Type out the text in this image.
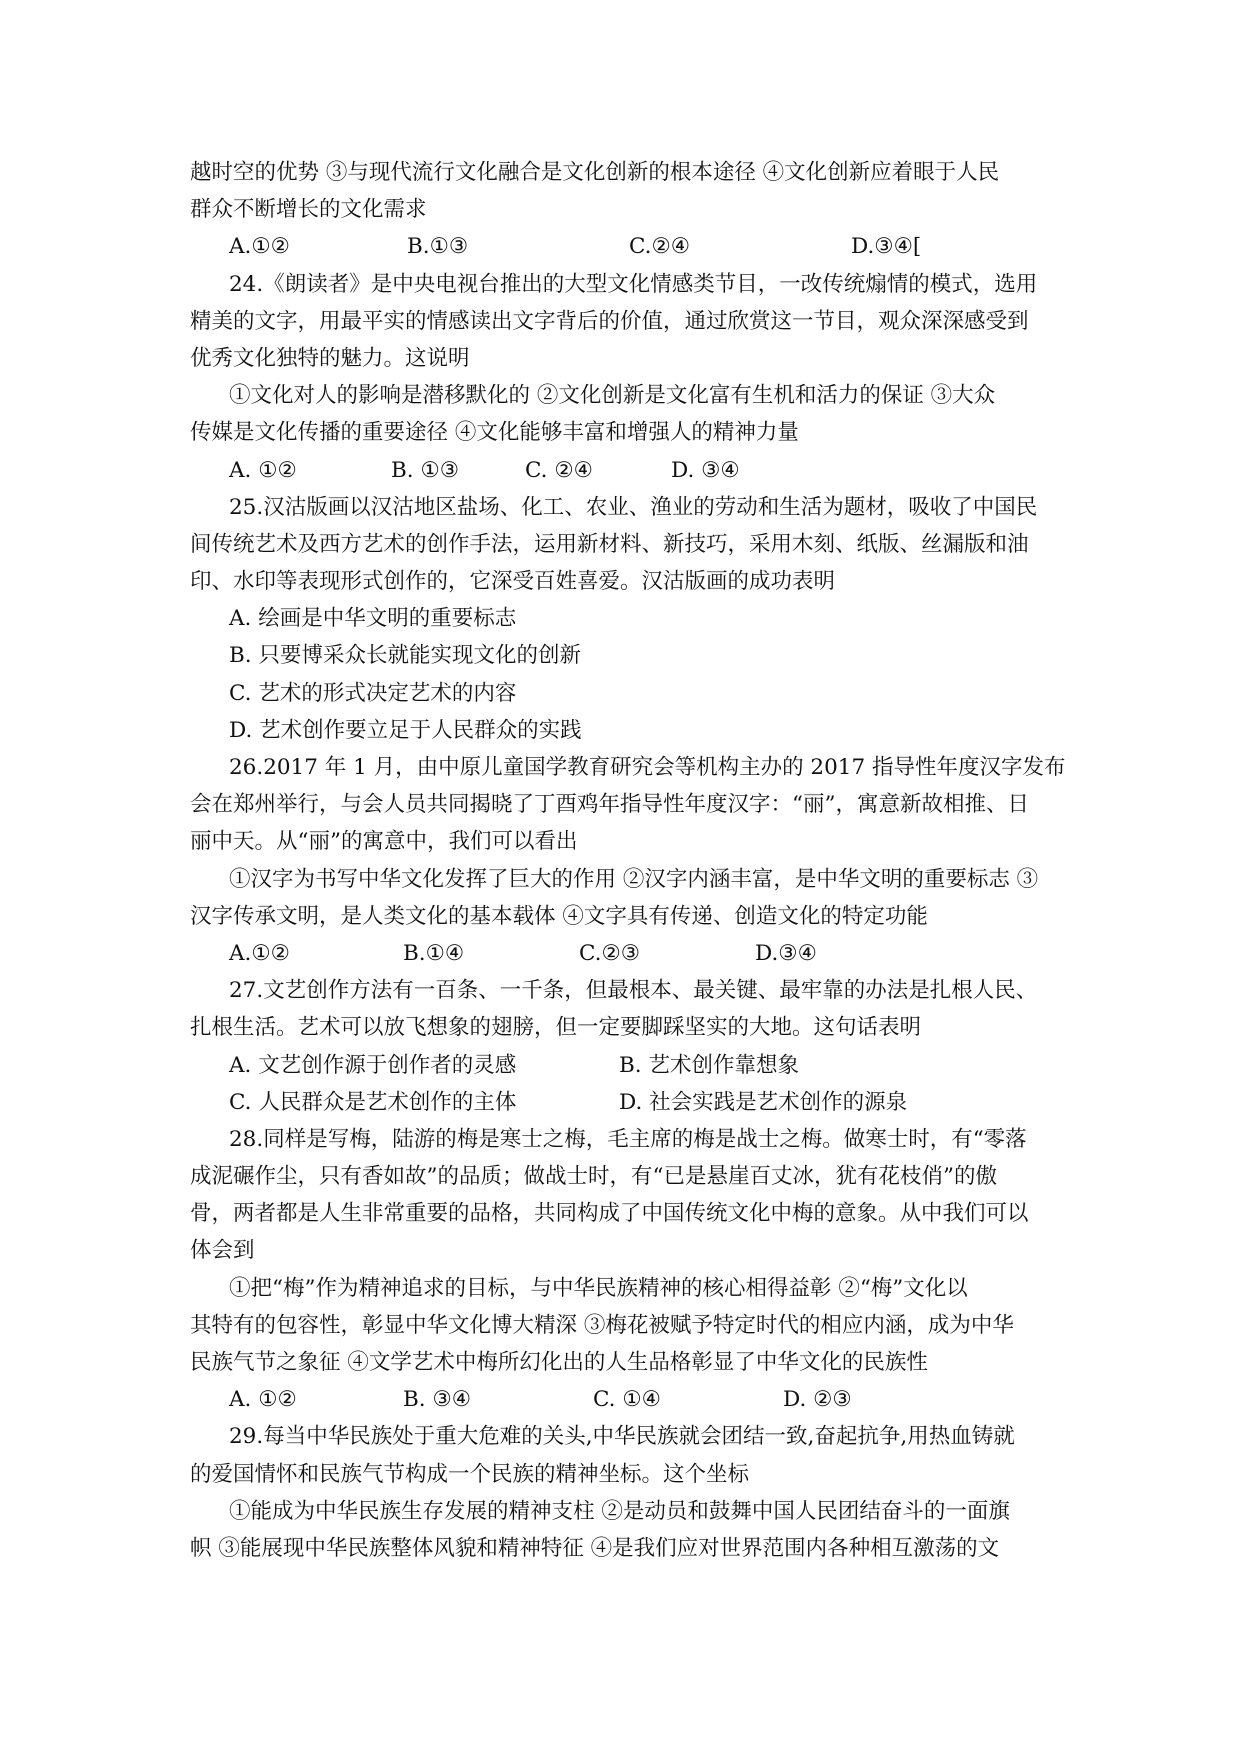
越时空的优势 ③与现代流行文化融合是文化创新的根本途径 ④文化创新应着眼于人民
群众不断增长的文化需求
A.①②	B.①③	C.②④	D.③④[
24.《朗读者》是中央电视台推出的大型文化情感类节目，一改传统煽情的模式，选用
精美的文字，用最平实的情感读出文字背后的价值，通过欣赏这一节目，观众深深感受到
优秀文化独特的魅力。这说明
①文化对人的影响是潜移默化的 ②文化创新是文化富有生机和活力的保证 ③大众
传媒是文化传播的重要途径 ④文化能够丰富和增强人的精神力量
A. ①②	B. ①③	C. ②④	D. ③④
25.汉沽版画以汉沽地区盐场、化工、农业、渔业的劳动和生活为题材，吸收了中国民
间传统艺术及西方艺术的创作手法，运用新材料、新技巧，采用木刻、纸版、丝漏版和油
印、水印等表现形式创作的，它深受百姓喜爱。汉沽版画的成功表明
A. 绘画是中华文明的重要标志
B. 只要博采众长就能实现文化的创新
C. 艺术的形式决定艺术的内容
D. 艺术创作要立足于人民群众的实践
26.2017 年 1 月，由中原儿童国学教育研究会等机构主办的 2017 指导性年度汉字发布
会在郑州举行，与会人员共同揭晓了丁酉鸡年指导性年度汉字：“丽”，寓意新故相推、日
丽中天。从“丽”的寓意中，我们可以看出
①汉字为书写中华文化发挥了巨大的作用 ②汉字内涵丰富，是中华文明的重要标志 ③
汉字传承文明，是人类文化的基本载体 ④文字具有传递、创造文化的特定功能
A.①②	B.①④	C.②③	D.③④
27.文艺创作方法有一百条、一千条，但最根本、最关键、最牢靠的办法是扎根人民、
扎根生活。艺术可以放飞想象的翅膀，但一定要脚踩坚实的大地。这句话表明
A. 文艺创作源于创作者的灵感	B. 艺术创作靠想象
C. 人民群众是艺术创作的主体	D. 社会实践是艺术创作的源泉
28.同样是写梅，陆游的梅是寒士之梅，毛主席的梅是战士之梅。做寒士时，有“零落
成泥碾作尘，只有香如故”的品质；做战士时，有“已是悬崖百丈冰，犹有花枝俏”的傲
骨，两者都是人生非常重要的品格，共同构成了中国传统文化中梅的意象。从中我们可以
体会到
①把“梅”作为精神追求的目标，与中华民族精神的核心相得益彰 ②“梅”文化以
其特有的包容性，彰显中华文化博大精深 ③梅花被赋予特定时代的相应内涵，成为中华
民族气节之象征 ④文学艺术中梅所幻化出的人生品格彰显了中华文化的民族性
A. ①②	B. ③④	C. ①④	D. ②③
29.每当中华民族处于重大危难的关头,中华民族就会团结一致,奋起抗争,用热血铸就
的爱国情怀和民族气节构成一个民族的精神坐标。这个坐标
①能成为中华民族生存发展的精神支柱 ②是动员和鼓舞中国人民团结奋斗的一面旗
帜 ③能展现中华民族整体风貌和精神特征 ④是我们应对世界范围内各种相互激荡的文
